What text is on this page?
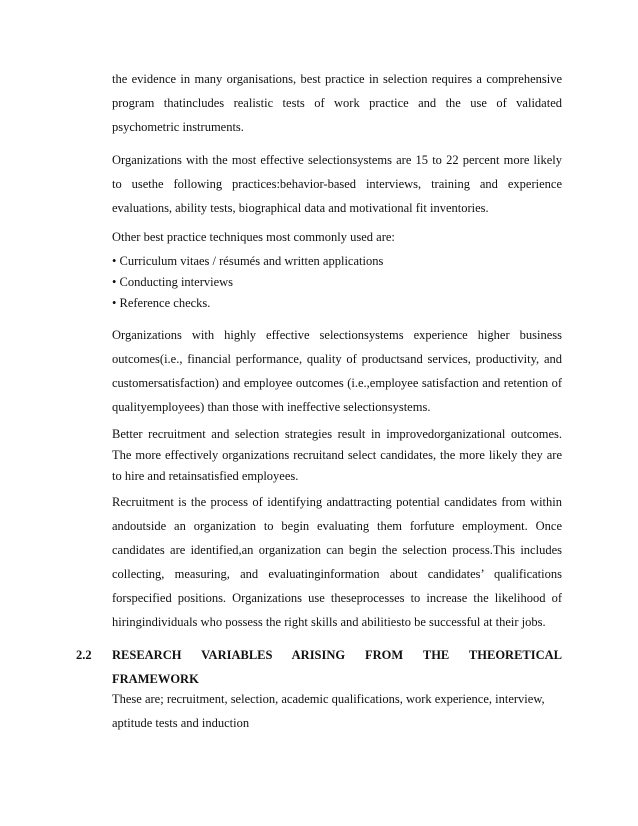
the evidence in many organisations, best practice in selection requires a comprehensive
program thatincludes realistic tests of work practice and the use of validated
psychometric instruments.
Organizations with the most effective selectionsystems are 15 to 22 percent more likely
to usethe following practices:behavior-based interviews, training and experience
evaluations, ability tests, biographical data and motivational fit inventories.
Other best practice techniques most commonly used are:
• Curriculum vitaes / résumés and written applications
• Conducting interviews
• Reference checks.
Organizations with highly effective selectionsystems experience higher business
outcomes(i.e., financial performance, quality of productsand services, productivity, and
customersatisfaction) and employee outcomes (i.e.,employee satisfaction and retention of
qualityemployees) than those with ineffective selectionsystems.
Better recruitment and selection strategies result in improvedorganizational outcomes.
The more effectively organizations recruitand select candidates, the more likely they are
to hire and retainsatisfied employees.
Recruitment is the process of identifying andattracting potential candidates from within
andoutside an organization to begin evaluating them forfuture employment. Once
candidates are identified,an organization can begin the selection process.This includes
collecting, measuring, and evaluatinginformation about candidates’ qualifications
forspecified positions. Organizations use theseprocesses to increase the likelihood of
hiringindividuals who possess the right skills and abilitiesto be successful at their jobs.
2.2 RESEARCH VARIABLES ARISING FROM THE THEORETICAL
FRAMEWORK
These are; recruitment, selection, academic qualifications, work experience, interview,
aptitude tests and induction
